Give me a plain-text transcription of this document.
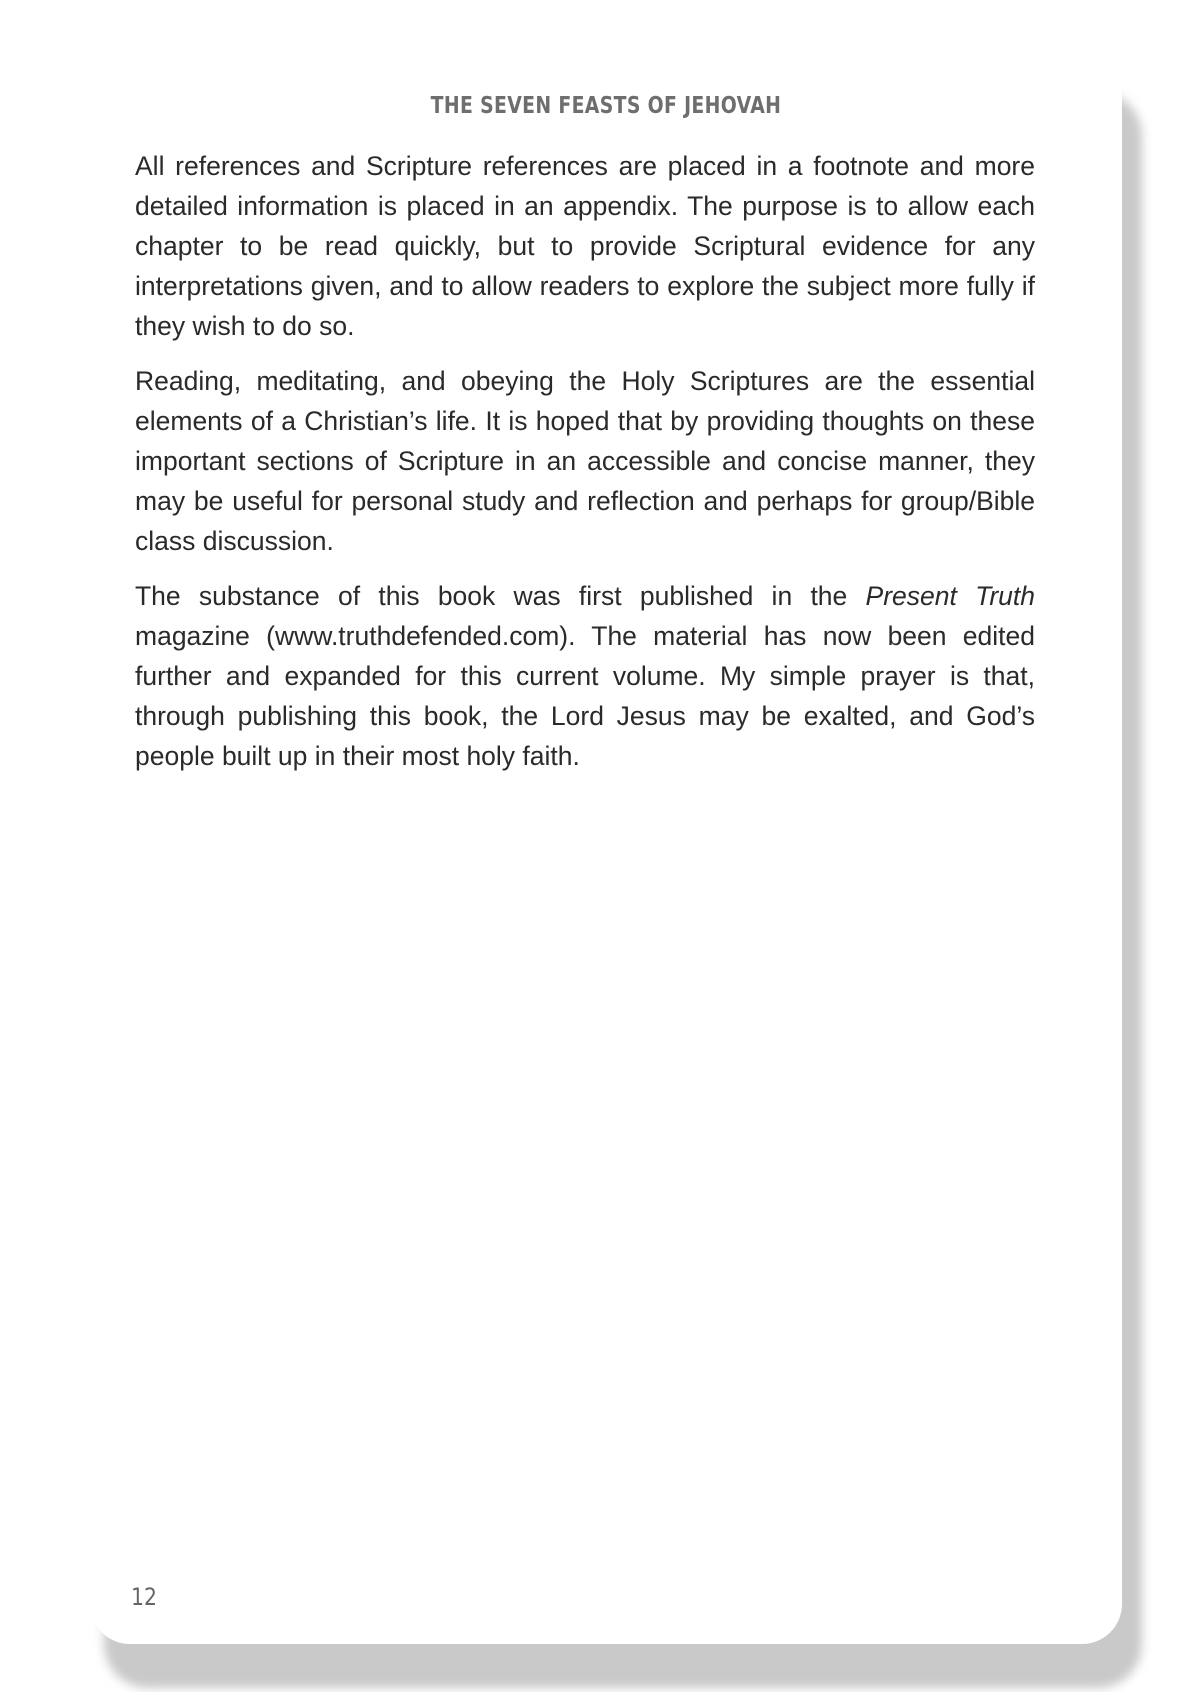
THE SEVEN FEASTS OF JEHOVAH

All references and Scripture references are placed in a footnote and more detailed information is placed in an appendix. The purpose is to allow each chapter to be read quickly, but to provide Scriptural evidence for any interpretations given, and to allow readers to explore the subject more fully if they wish to do so.

Reading, meditating, and obeying the Holy Scriptures are the essential elements of a Christian’s life. It is hoped that by providing thoughts on these important sections of Scripture in an accessible and concise manner, they may be useful for personal study and reflection and perhaps for group/Bible class discussion.

The substance of this book was first published in the Present Truth magazine (www.truthdefended.com). The material has now been edited further and expanded for this current volume. My simple prayer is that, through publishing this book, the Lord Jesus may be exalted, and God’s people built up in their most holy faith.

12
